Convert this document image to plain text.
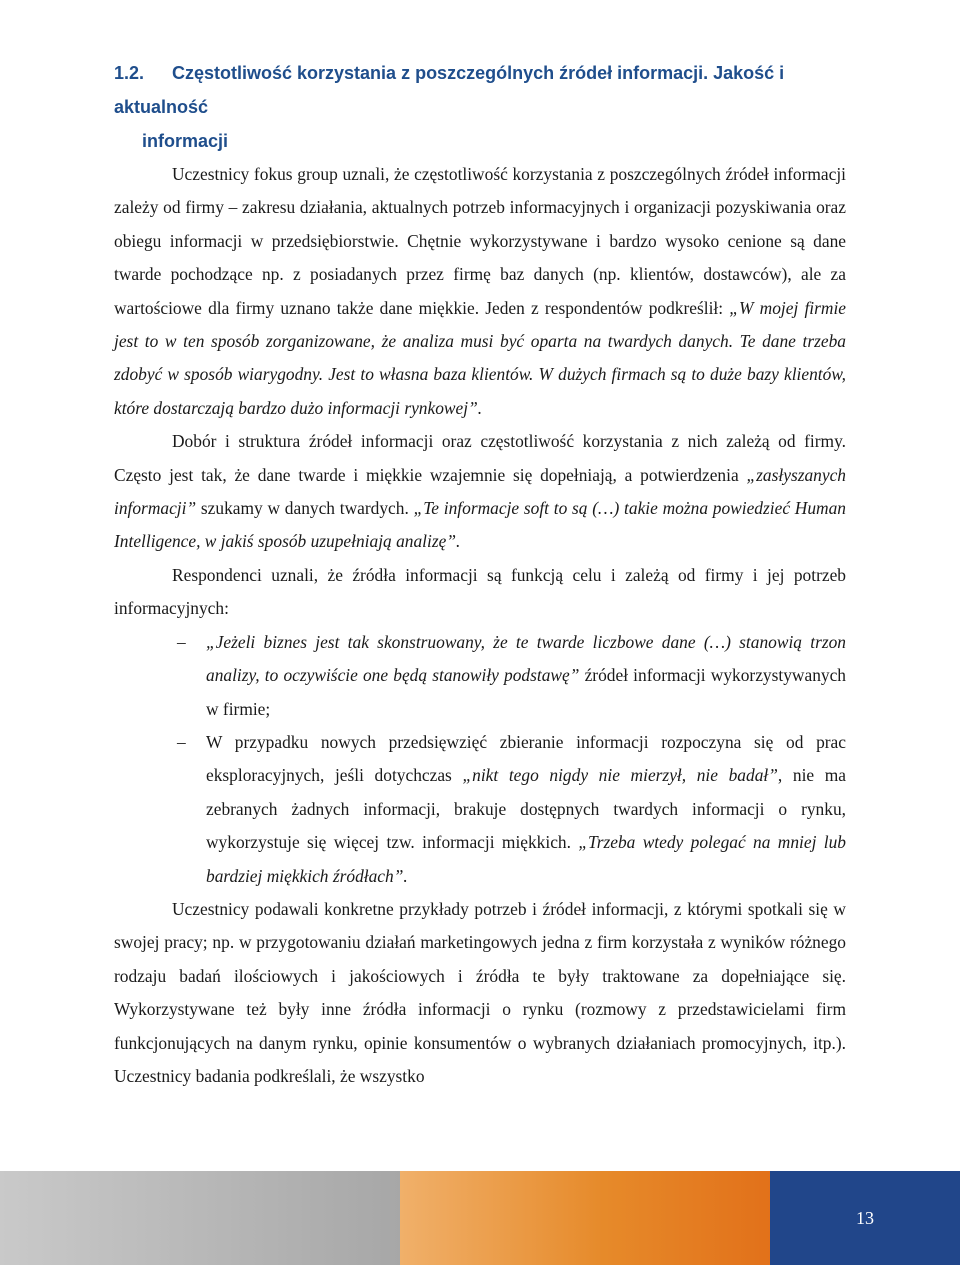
1.2. Częstotliwość korzystania z poszczególnych źródeł informacji. Jakość i aktualność
informacji

Uczestnicy fokus group uznali, że częstotliwość korzystania z poszczególnych źródeł informacji zależy od firmy – zakresu działania, aktualnych potrzeb informacyjnych i organizacji pozyskiwania oraz obiegu informacji w przedsiębiorstwie. Chętnie wykorzystywane i bardzo wysoko cenione są dane twarde pochodzące np. z posiadanych przez firmę baz danych (np. klientów, dostawców), ale za wartościowe dla firmy uznano także dane miękkie. Jeden z respondentów podkreślił: „W mojej firmie jest to w ten sposób zorganizowane, że analiza musi być oparta na twardych danych. Te dane trzeba zdobyć w sposób wiarygodny. Jest to własna baza klientów. W dużych firmach są to duże bazy klientów, które dostarczają bardzo dużo informacji rynkowej”.

Dobór i struktura źródeł informacji oraz częstotliwość korzystania z nich zależą od firmy. Często jest tak, że dane twarde i miękkie wzajemnie się dopełniają, a potwierdzenia „zasłyszanych informacji” szukamy w danych twardych. „Te informacje soft to są (…) takie można powiedzieć Human Intelligence, w jakiś sposób uzupełniają analizę”.

Respondenci uznali, że źródła informacji są funkcją celu i zależą od firmy i jej potrzeb informacyjnych:

– „Jeżeli biznes jest tak skonstruowany, że te twarde liczbowe dane (…) stanowią trzon analizy, to oczywiście one będą stanowiły podstawę” źródeł informacji wykorzystywanych w firmie;
– W przypadku nowych przedsięwzięć zbieranie informacji rozpoczyna się od prac eksploracyjnych, jeśli dotychczas „nikt tego nigdy nie mierzył, nie badał”, nie ma zebranych żadnych informacji, brakuje dostępnych twardych informacji o rynku, wykorzystuje się więcej tzw. informacji miękkich. „Trzeba wtedy polegać na mniej lub bardziej miękkich źródłach”.

Uczestnicy podawali konkretne przykłady potrzeb i źródeł informacji, z którymi spotkali się w swojej pracy; np. w przygotowaniu działań marketingowych jedna z firm korzystała z wyników różnego rodzaju badań ilościowych i jakościowych i źródła te były traktowane za dopełniające się. Wykorzystywane też były inne źródła informacji o rynku (rozmowy z przedstawicielami firm funkcjonujących na danym rynku, opinie konsumentów o wybranych działaniach promocyjnych, itp.). Uczestnicy badania podkreślali, że wszystko

13
